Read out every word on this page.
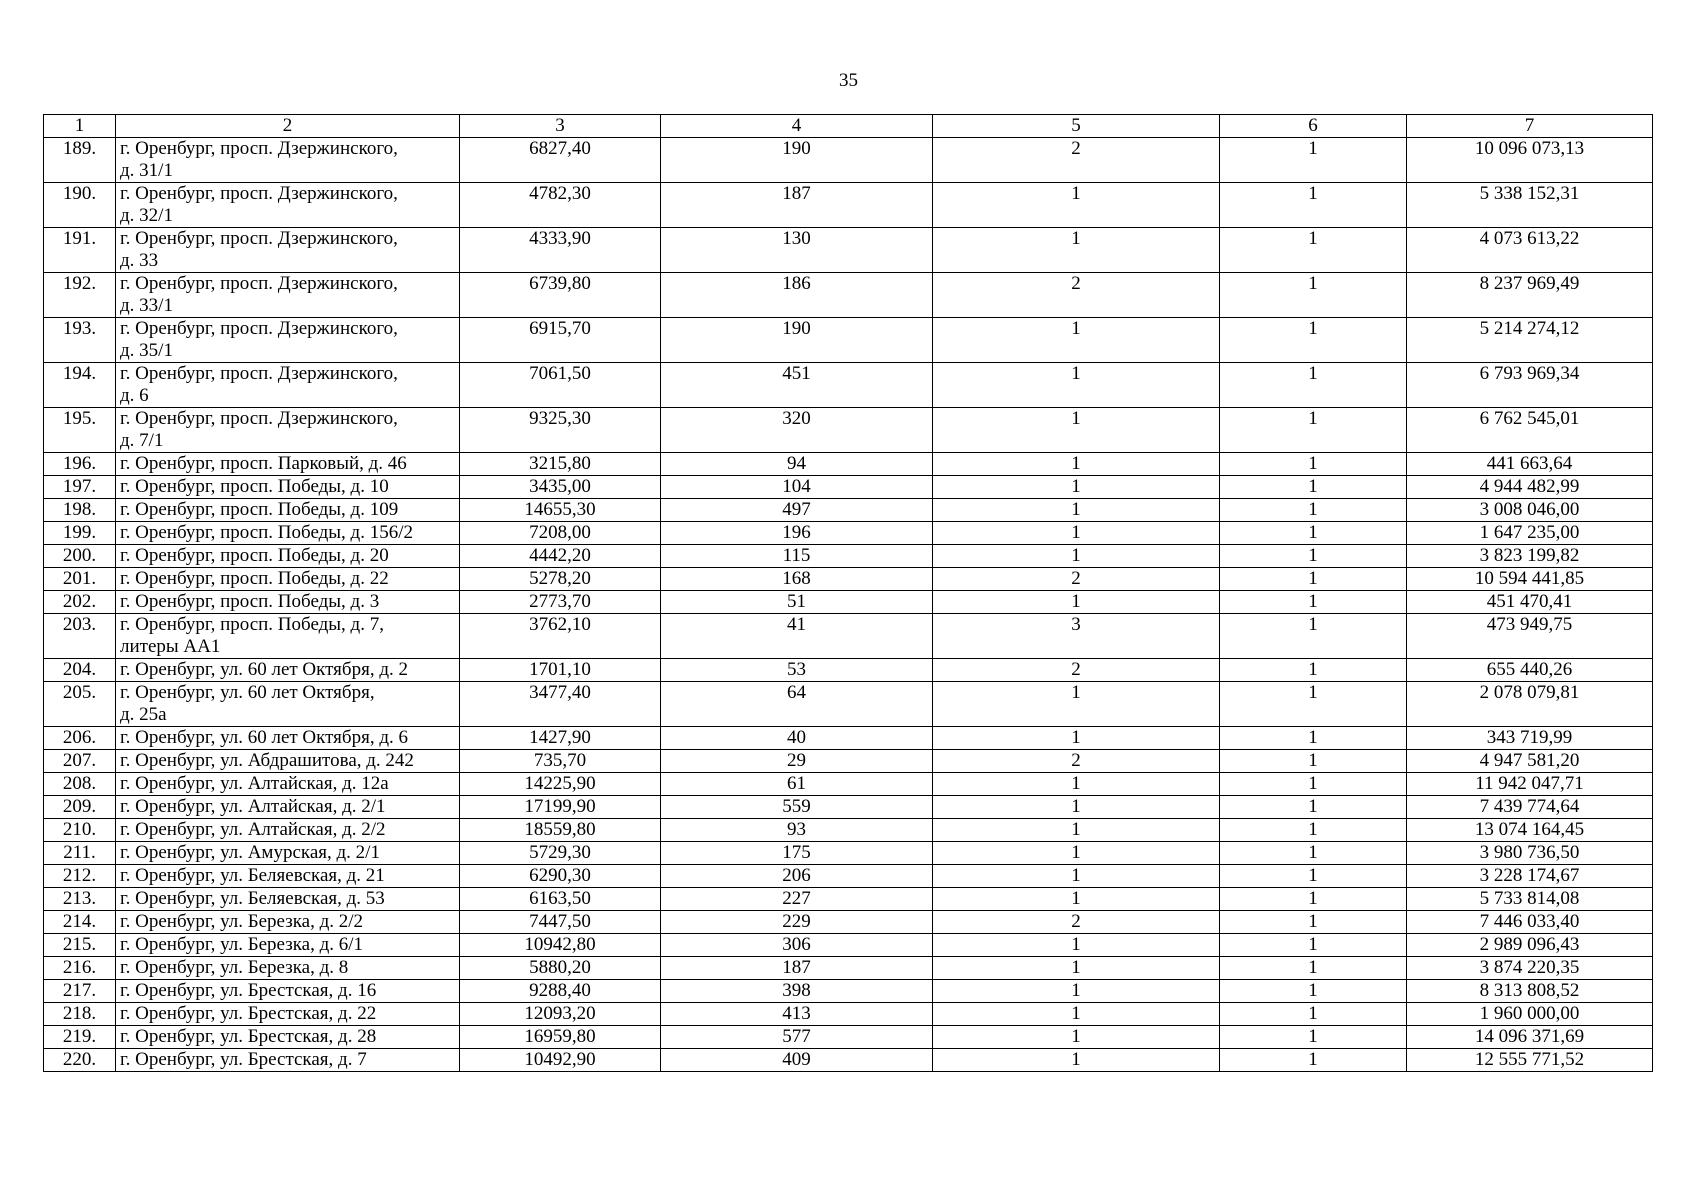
35
1	2	3	4	5	6	7
189.	г. Оренбург, просп. Дзержинского,
д. 31/1	6827,40	190	2	1	10 096 073,13
190.	г. Оренбург, просп. Дзержинского,
д. 32/1	4782,30	187	1	1	5 338 152,31
191.	г. Оренбург, просп. Дзержинского,
д. 33	4333,90	130	1	1	4 073 613,22
192.	г. Оренбург, просп. Дзержинского,
д. 33/1	6739,80	186	2	1	8 237 969,49
193.	г. Оренбург, просп. Дзержинского,
д. 35/1	6915,70	190	1	1	5 214 274,12
194.	г. Оренбург, просп. Дзержинского,
д. 6	7061,50	451	1	1	6 793 969,34
195.	г. Оренбург, просп. Дзержинского,
д. 7/1	9325,30	320	1	1	6 762 545,01
196.	г. Оренбург, просп. Парковый, д. 46	3215,80	94	1	1	441 663,64
197.	г. Оренбург, просп. Победы, д. 10	3435,00	104	1	1	4 944 482,99
198.	г. Оренбург, просп. Победы, д. 109	14655,30	497	1	1	3 008 046,00
199.	г. Оренбург, просп. Победы, д. 156/2	7208,00	196	1	1	1 647 235,00
200.	г. Оренбург, просп. Победы, д. 20	4442,20	115	1	1	3 823 199,82
201.	г. Оренбург, просп. Победы, д. 22	5278,20	168	2	1	10 594 441,85
202.	г. Оренбург, просп. Победы, д. 3	2773,70	51	1	1	451 470,41
203.	г. Оренбург, просп. Победы, д. 7,
литеры АА1	3762,10	41	3	1	473 949,75
204.	г. Оренбург, ул. 60 лет Октября, д. 2	1701,10	53	2	1	655 440,26
205.	г. Оренбург, ул. 60 лет Октября,
д. 25а	3477,40	64	1	1	2 078 079,81
206.	г. Оренбург, ул. 60 лет Октября, д. 6	1427,90	40	1	1	343 719,99
207.	г. Оренбург, ул. Абдрашитова, д. 242	735,70	29	2	1	4 947 581,20
208.	г. Оренбург, ул. Алтайская, д. 12а	14225,90	61	1	1	11 942 047,71
209.	г. Оренбург, ул. Алтайская, д. 2/1	17199,90	559	1	1	7 439 774,64
210.	г. Оренбург, ул. Алтайская, д. 2/2	18559,80	93	1	1	13 074 164,45
211.	г. Оренбург, ул. Амурская, д. 2/1	5729,30	175	1	1	3 980 736,50
212.	г. Оренбург, ул. Беляевская, д. 21	6290,30	206	1	1	3 228 174,67
213.	г. Оренбург, ул. Беляевская, д. 53	6163,50	227	1	1	5 733 814,08
214.	г. Оренбург, ул. Березка, д. 2/2	7447,50	229	2	1	7 446 033,40
215.	г. Оренбург, ул. Березка, д. 6/1	10942,80	306	1	1	2 989 096,43
216.	г. Оренбург, ул. Березка, д. 8	5880,20	187	1	1	3 874 220,35
217.	г. Оренбург, ул. Брестская, д. 16	9288,40	398	1	1	8 313 808,52
218.	г. Оренбург, ул. Брестская, д. 22	12093,20	413	1	1	1 960 000,00
219.	г. Оренбург, ул. Брестская, д. 28	16959,80	577	1	1	14 096 371,69
220.	г. Оренбург, ул. Брестская, д. 7	10492,90	409	1	1	12 555 771,52
